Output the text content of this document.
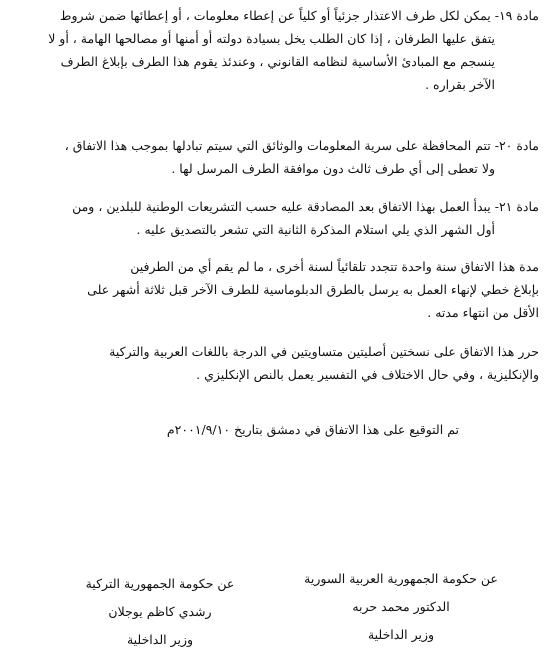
مادة ١٩- يمكن لكل طرف الاعتذار جزئياً أو كلياً عن إعطاء معلومات ، أو إعطائها ضمن شروط
يتفق عليها الطرفان ، إذا كان الطلب يخل بسيادة دولته أو أمنها أو مصالحها الهامة ، أو لا
ينسجم مع المبادئ الأساسية لنظامه القانوني ، وعندئذ يقوم هذا الطرف بإبلاغ الطرف
الآخر بقراره .
مادة ٢٠- تتم المحافظة على سرية المعلومات والوثائق التي سيتم تبادلها بموجب هذا الاتفاق ،
ولا تعطى إلى أي طرف ثالث دون موافقة الطرف المرسل لها .
مادة ٢١- يبدأ العمل بهذا الاتفاق بعد المصادقة عليه حسب التشريعات الوطنية للبلدين ، ومن
أول الشهر الذي يلي استلام المذكرة الثانية التي تشعر بالتصديق عليه .
مدة هذا الاتفاق سنة واحدة تتجدد تلقائياً لسنة أخرى ، ما لم يقم أي من الطرفين
بإبلاغ خطي لإنهاء العمل به يرسل بالطرق الدبلوماسية للطرف الآخر قبل ثلاثة أشهر على
الأقل من انتهاء مدته .
حرر هذا الاتفاق على نسختين أصليتين متساويتين في الدرجة باللغات العربية والتركية
والإنكليزية ، وفي حال الاختلاف في التفسير يعمل بالنص الإنكليزي .
تم التوقيع على هذا الاتفاق في دمشق بتاريخ ٢٠٠١/٩/١٠م
عن حكومة الجمهورية العربية السورية
الدكتور محمد حربه
وزير الداخلية
عن حكومة الجمهورية التركية
رشدي كاظم يوجلان
وزير الداخلية
